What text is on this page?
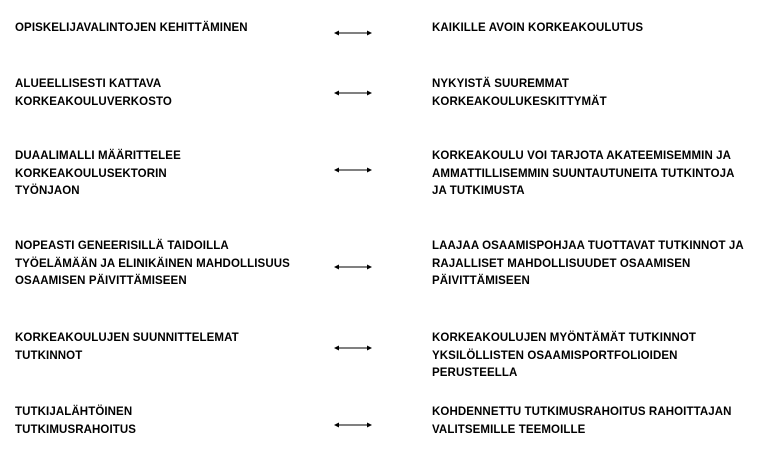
OPISKELIJAVALINTOJEN KEHITTÄMINEN	KAIKILLE AVOIN KORKEAKOULUTUS
ALUEELLISESTI KATTAVA
KORKEAKOULUVERKOSTO
NYKYISTÄ SUUREMMAT
KORKEAKOULUKESKITTYMÄT
DUAALIMALLI MÄÄRITTELEE
KORKEAKOULUSEKTORIN
TYÖNJAON
KORKEAKOULU VOI TARJOTA AKATEEMISEMMIN JA
AMMATTILLISEMMIN SUUNTAUTUNEITA TUTKINTOJA
JA TUTKIMUSTA
NOPEASTI GENEERISILLÄ TAIDOILLA
TYÖELÄMÄÄN JA ELINIKÄINEN MAHDOLLISUUS
OSAAMISEN PÄIVITTÄMISEEN
LAAJAA OSAAMISPOHJAA TUOTTAVAT TUTKINNOT JA
RAJALLISET MAHDOLLISUUDET OSAAMISEN
PÄIVITTÄMISEEN
KORKEAKOULUJEN SUUNNITTELEMAT
TUTKINNOT
KORKEAKOULUJEN MYÖNTÄMÄT TUTKINNOT
YKSILÖLLISTEN OSAAMISPORTFOLIOIDEN PERUSTEELLA
TUTKIJALÄHTÖINEN
TUTKIMUSRAHOITUS
KOHDENNETTU TUTKIMUSRAHOITUS RAHOITTAJAN
VALITSEMILLE TEEMOILLE
